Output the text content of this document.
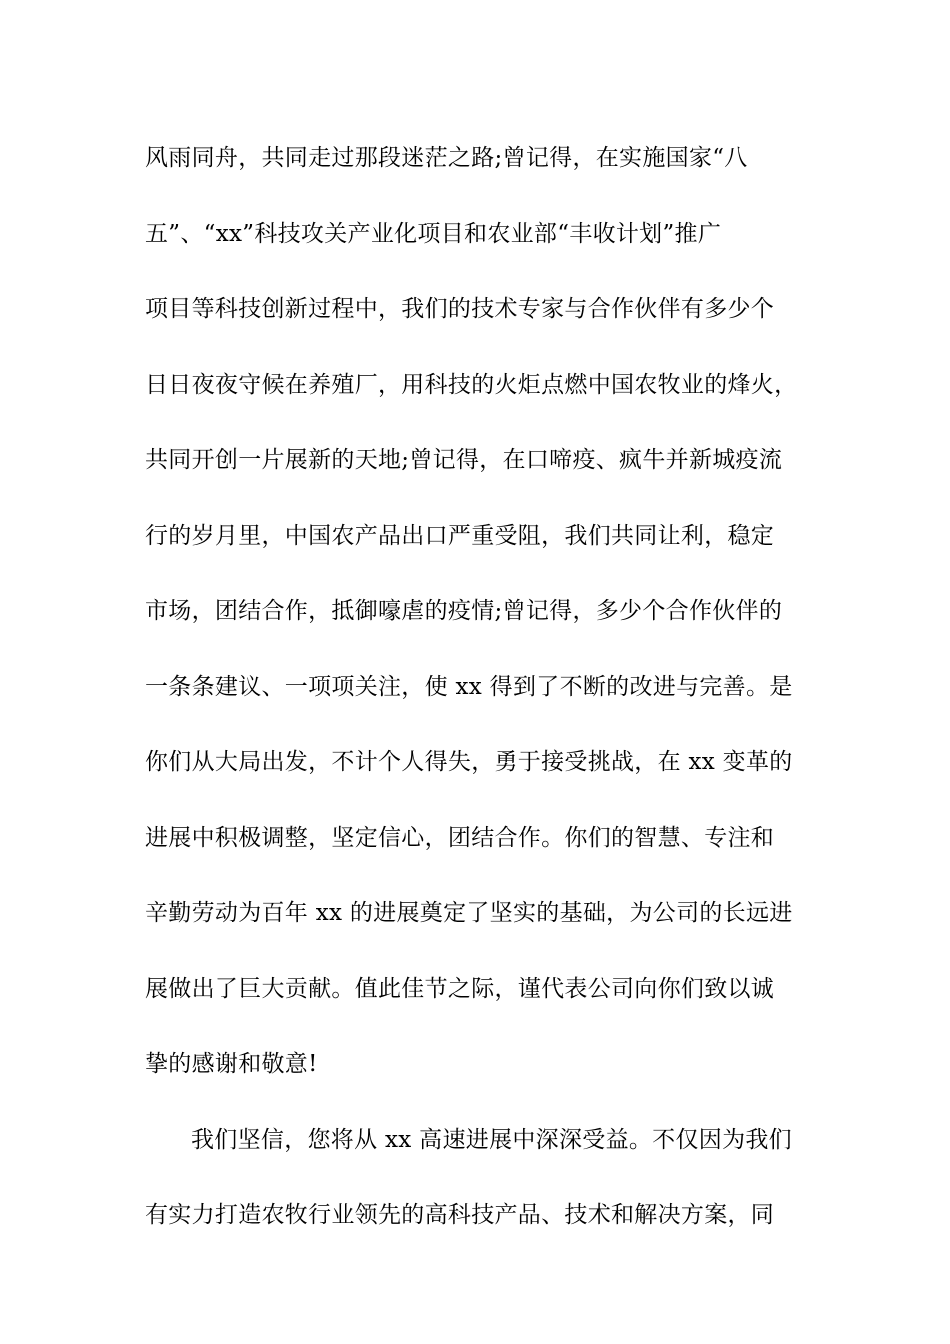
风雨同舟，共同走过那段迷茫之路;曾记得，在实施国家“八
五”、“xx”科技攻关产业化项目和农业部“丰收计划”推广
项目等科技创新过程中，我们的技术专家与合作伙伴有多少个
日日夜夜守候在养殖厂，用科技的火炬点燃中国农牧业的烽火，
共同开创一片展新的天地;曾记得，在口啼疫、疯牛并新城疫流
行的岁月里，中国农产品出口严重受阻，我们共同让利，稳定
市场，团结合作，抵御嚎虐的疫情;曾记得，多少个合作伙伴的
一条条建议、一项项关注，使 xx 得到了不断的改进与完善。是
你们从大局出发，不计个人得失，勇于接受挑战，在 xx 变革的
进展中积极调整，坚定信心，团结合作。你们的智慧、专注和
辛勤劳动为百年 xx 的进展奠定了坚实的基础，为公司的长远进
展做出了巨大贡献。值此佳节之际，谨代表公司向你们致以诚
挚的感谢和敬意!
我们坚信，您将从 xx 高速进展中深深受益。不仅因为我们
有实力打造农牧行业领先的高科技产品、技术和解决方案，同
